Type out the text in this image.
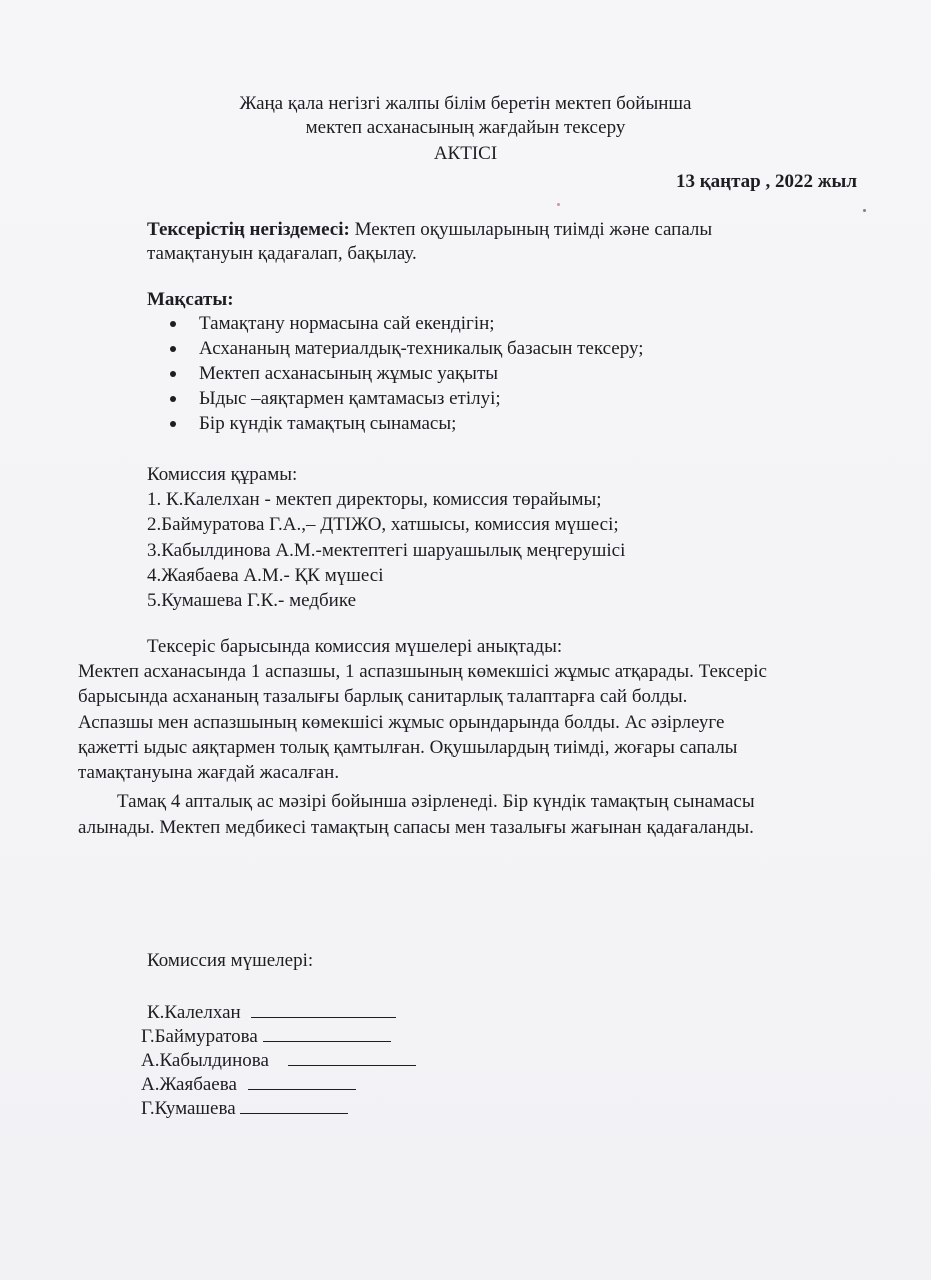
Жаңа қала негізгі жалпы білім беретін мектеп бойынша
мектеп асханасының жағдайын тексеру
АКТІСІ
13 қаңтар , 2022 жыл
Тексерістің негіздемесі: Мектеп оқушыларының тиімді және сапалы
тамақтануын қадағалап, бақылау.
Мақсаты:
Тамақтану нормасына сай екендігін;
Асхананың материалдық-техникалық базасын тексеру;
Мектеп асханасының жұмыс уақыты
Ыдыс –аяқтармен қамтамасыз етілуі;
Бір күндік тамақтың сынамасы;
Комиссия құрамы:
1. К.Калелхан - мектеп директоры, комиссия төрайымы;
2.Баймуратова Г.А.,– ДТІЖО, хатшысы, комиссия мүшесі;
3.Кабылдинова А.М.-мектептегі шаруашылық меңгерушісі
4.Жаябаева А.М.- ҚК мүшесі
5.Кумашева Г.К.- медбике
Тексеріс барысында комиссия мүшелері анықтады:
Мектеп асханасында 1 аспазшы, 1 аспазшының көмекшісі жұмыс атқарады. Тексеріс
барысында асхананың тазалығы барлық санитарлық талаптарға сай болды.
Аспазшы мен аспазшының көмекшісі жұмыс орындарында болды. Ас әзірлеуге
қажетті ыдыс аяқтармен толық қамтылған. Оқушылардың тиімді, жоғары сапалы
тамақтануына жағдай жасалған.
Тамақ 4 апталық ас мәзірі бойынша әзірленеді. Бір күндік тамақтың сынамасы
алынады. Мектеп медбикесі тамақтың сапасы мен тазалығы жағынан қадағаланды.
Комиссия мүшелері:
К.Калелхан
Г.Баймуратова
А.Кабылдинова
А.Жаябаева
Г.Кумашева
